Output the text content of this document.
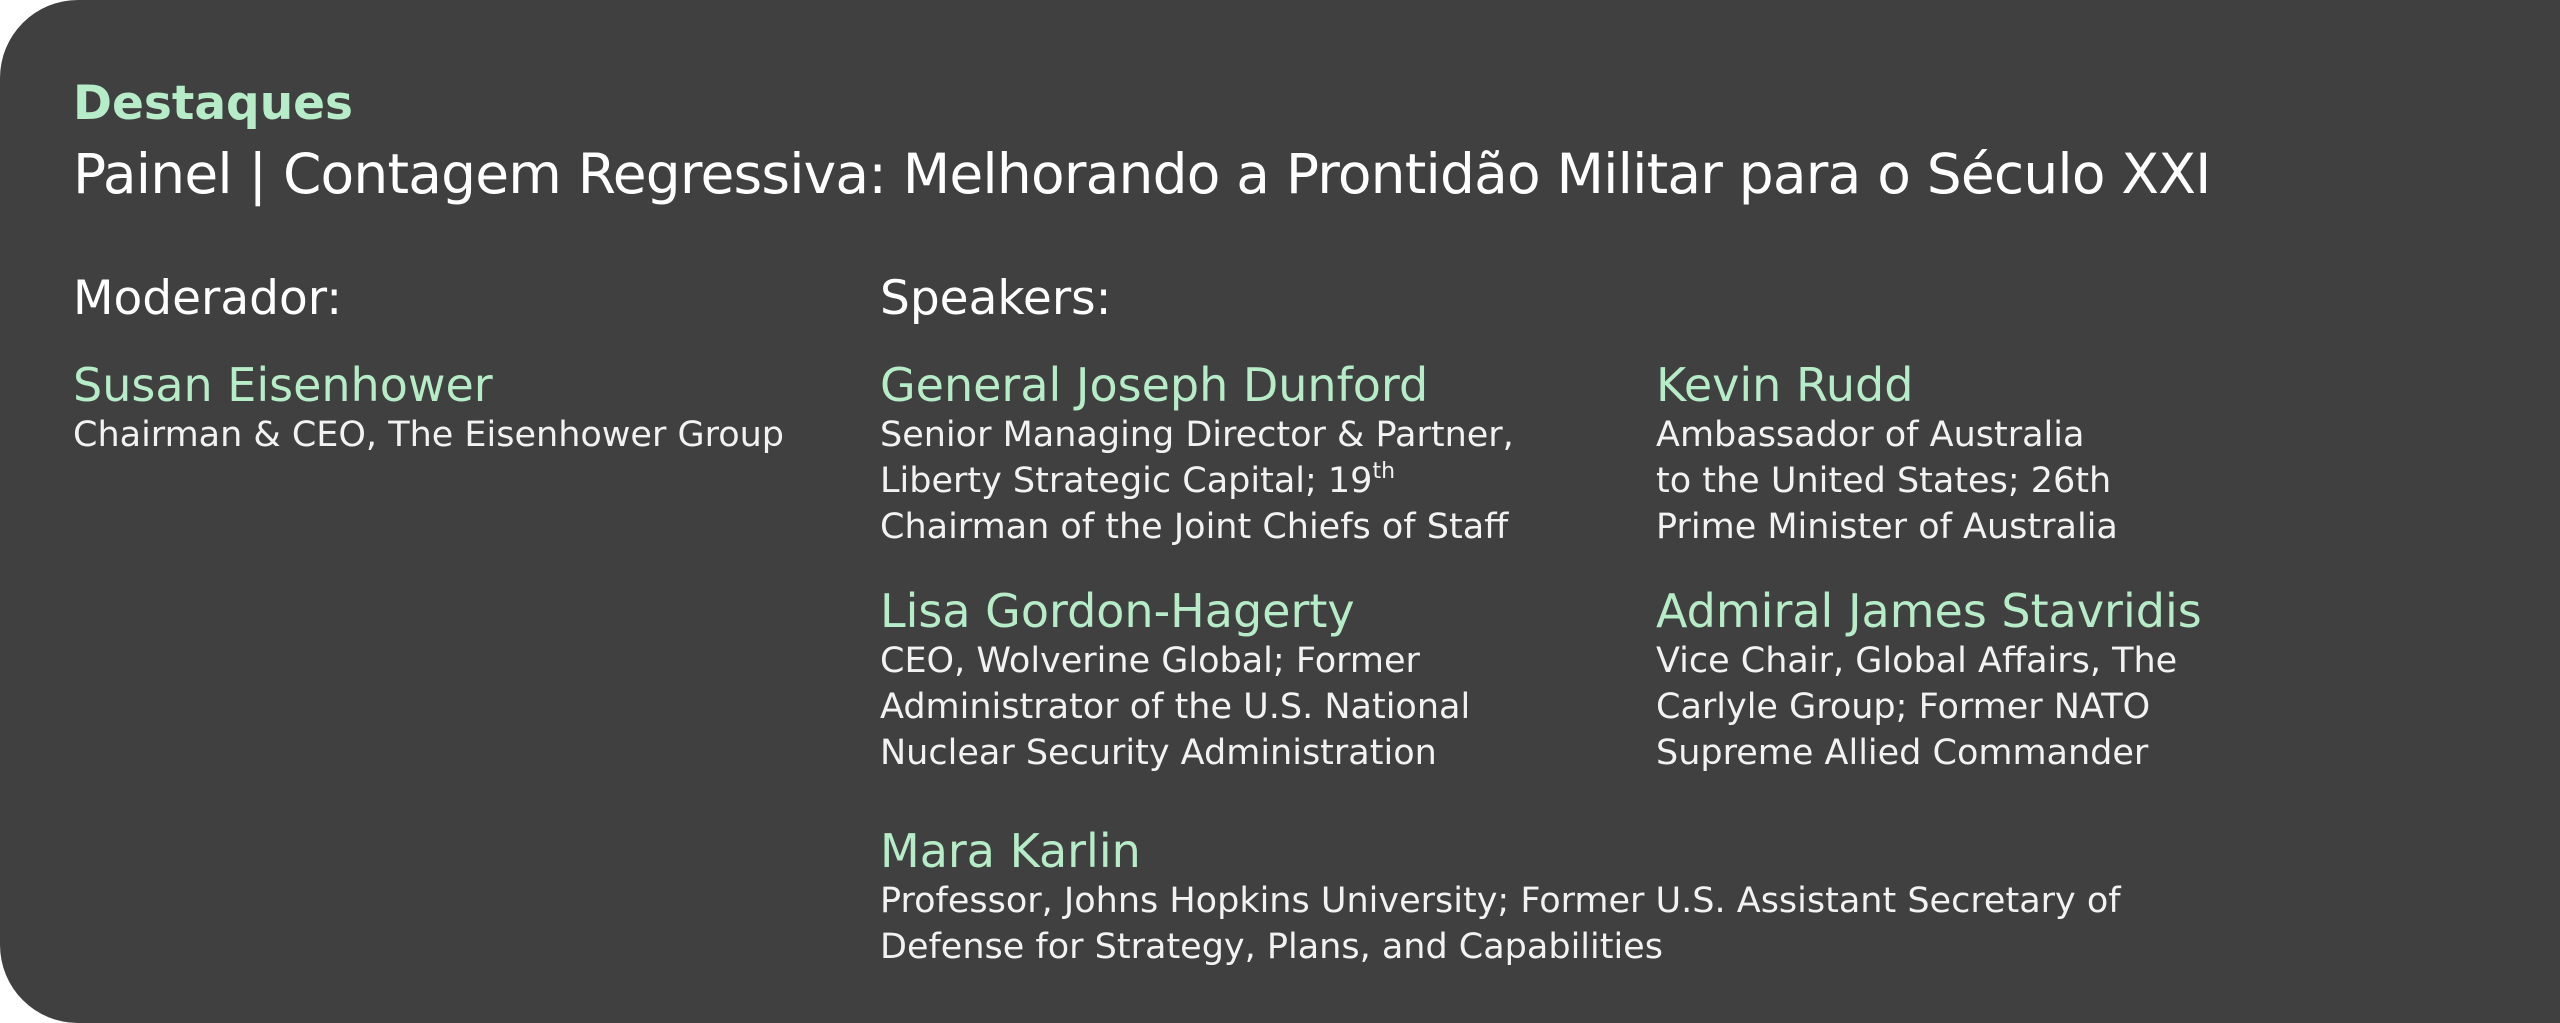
Destaques

Painel | Contagem Regressiva: Melhorando a Prontidão Militar para o Século XXI

Moderador:

Susan Eisenhower
Chairman & CEO, The Eisenhower Group

Speakers:

General Joseph Dunford
Senior Managing Director & Partner,
Liberty Strategic Capital; 19th
Chairman of the Joint Chiefs of Staff
Kevin Rudd
Ambassador of Australia
to the United States; 26th
Prime Minister of Australia
Lisa Gordon-Hagerty
CEO, Wolverine Global; Former
Administrator of the U.S. National
Nuclear Security Administration
Admiral James Stavridis
Vice Chair, Global Affairs, The
Carlyle Group; Former NATO
Supreme Allied Commander
Mara Karlin
Professor, Johns Hopkins University; Former U.S. Assistant Secretary of
Defense for Strategy, Plans, and Capabilities
